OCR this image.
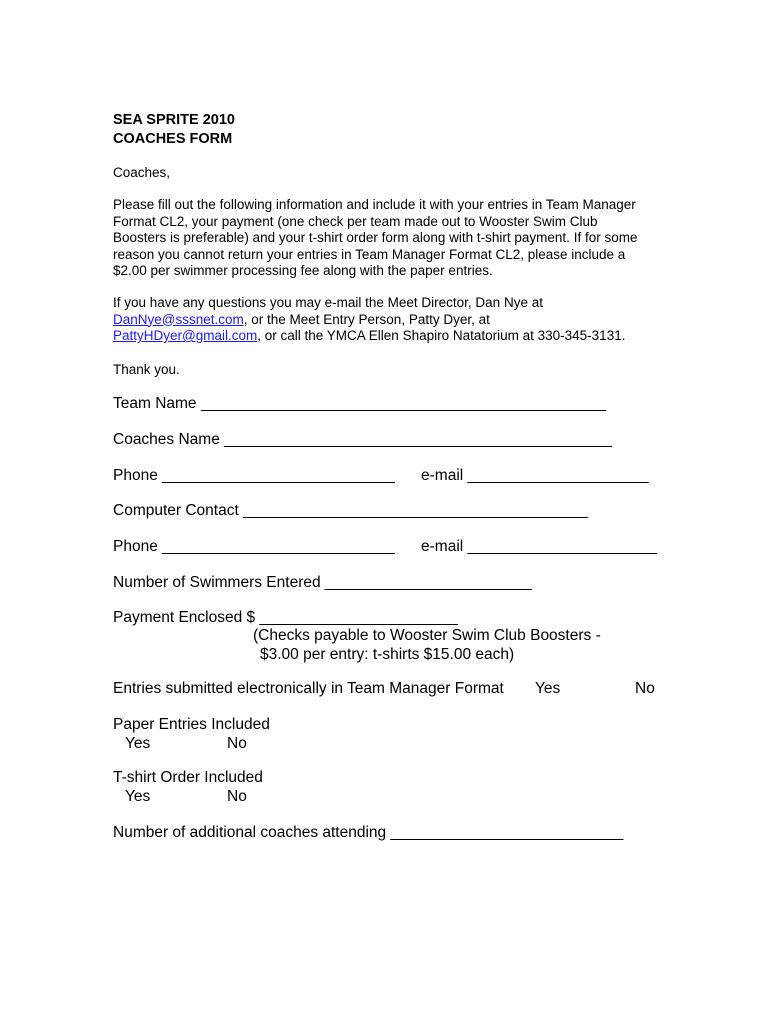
SEA SPRITE 2010
COACHES FORM
Coaches,
Please fill out the following information and include it with your entries in Team Manager
Format CL2, your payment (one check per team made out to Wooster Swim Club
Boosters is preferable) and your t-shirt order form along with t-shirt payment. If for some
reason you cannot return your entries in Team Manager Format CL2, please include a
$2.00 per swimmer processing fee along with the paper entries.
If you have any questions you may e-mail the Meet Director, Dan Nye at
DanNye@sssnet.com, or the Meet Entry Person, Patty Dyer, at
PattyHDyer@gmail.com, or call the YMCA Ellen Shapiro Natatorium at 330-345-3131.
Thank you.
Team Name _______________________________________________
Coaches Name _____________________________________________
Phone ___________________________ e-mail _____________________
Computer Contact ________________________________________
Phone ___________________________ e-mail ______________________
Number of Swimmers Entered ________________________
Payment Enclosed $ _______________________
(Checks payable to Wooster Swim Club Boosters -
$3.00 per entry: t-shirts $15.00 each)
Entries submitted electronically in Team Manager Format Yes	No
Paper Entries Included
Yes	No
T-shirt Order Included
Yes	No
Number of additional coaches attending ___________________________
